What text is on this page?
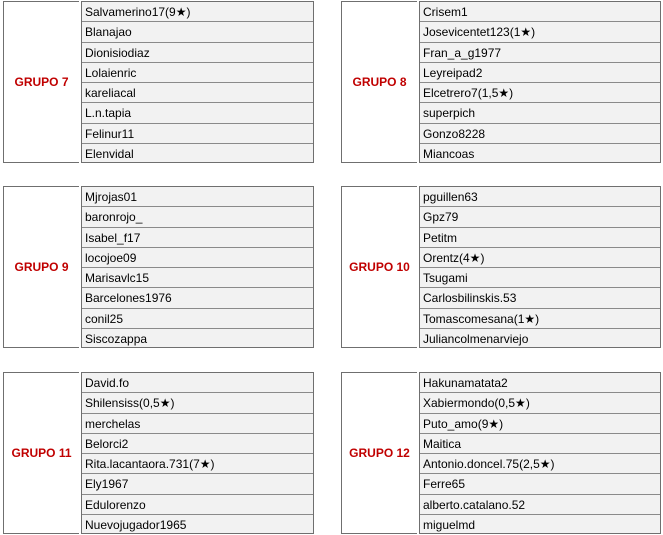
GRUPO 7
Salvamerino17(9★)
Blanajao
Dionisiodiaz
Lolaienric
kareliacal
L.n.tapia
Felinur11
Elenvidal
GRUPO 8
Crisem1
Josevicentet123(1★)
Fran_a_g1977
Leyreipad2
Elcetrero7(1,5★)
superpich
Gonzo8228
Miancoas
GRUPO 9
Mjrojas01
baronrojo_
Isabel_f17
locojoe09
Marisavlc15
Barcelones1976
conil25
Siscozappa
GRUPO 10
pguillen63
Gpz79
Petitm
Orentz(4★)
Tsugami
Carlosbilinskis.53
Tomascomesana(1★)
Juliancolmenarviejo
GRUPO 11
David.fo
Shilensiss(0,5★)
merchelas
Belorci2
Rita.lacantaora.731(7★)
Ely1967
Edulorenzo
Nuevojugador1965
GRUPO 12
Hakunamatata2
Xabiermondo(0,5★)
Puto_amo(9★)
Maitica
Antonio.doncel.75(2,5★)
Ferre65
alberto.catalano.52
miguelmd
